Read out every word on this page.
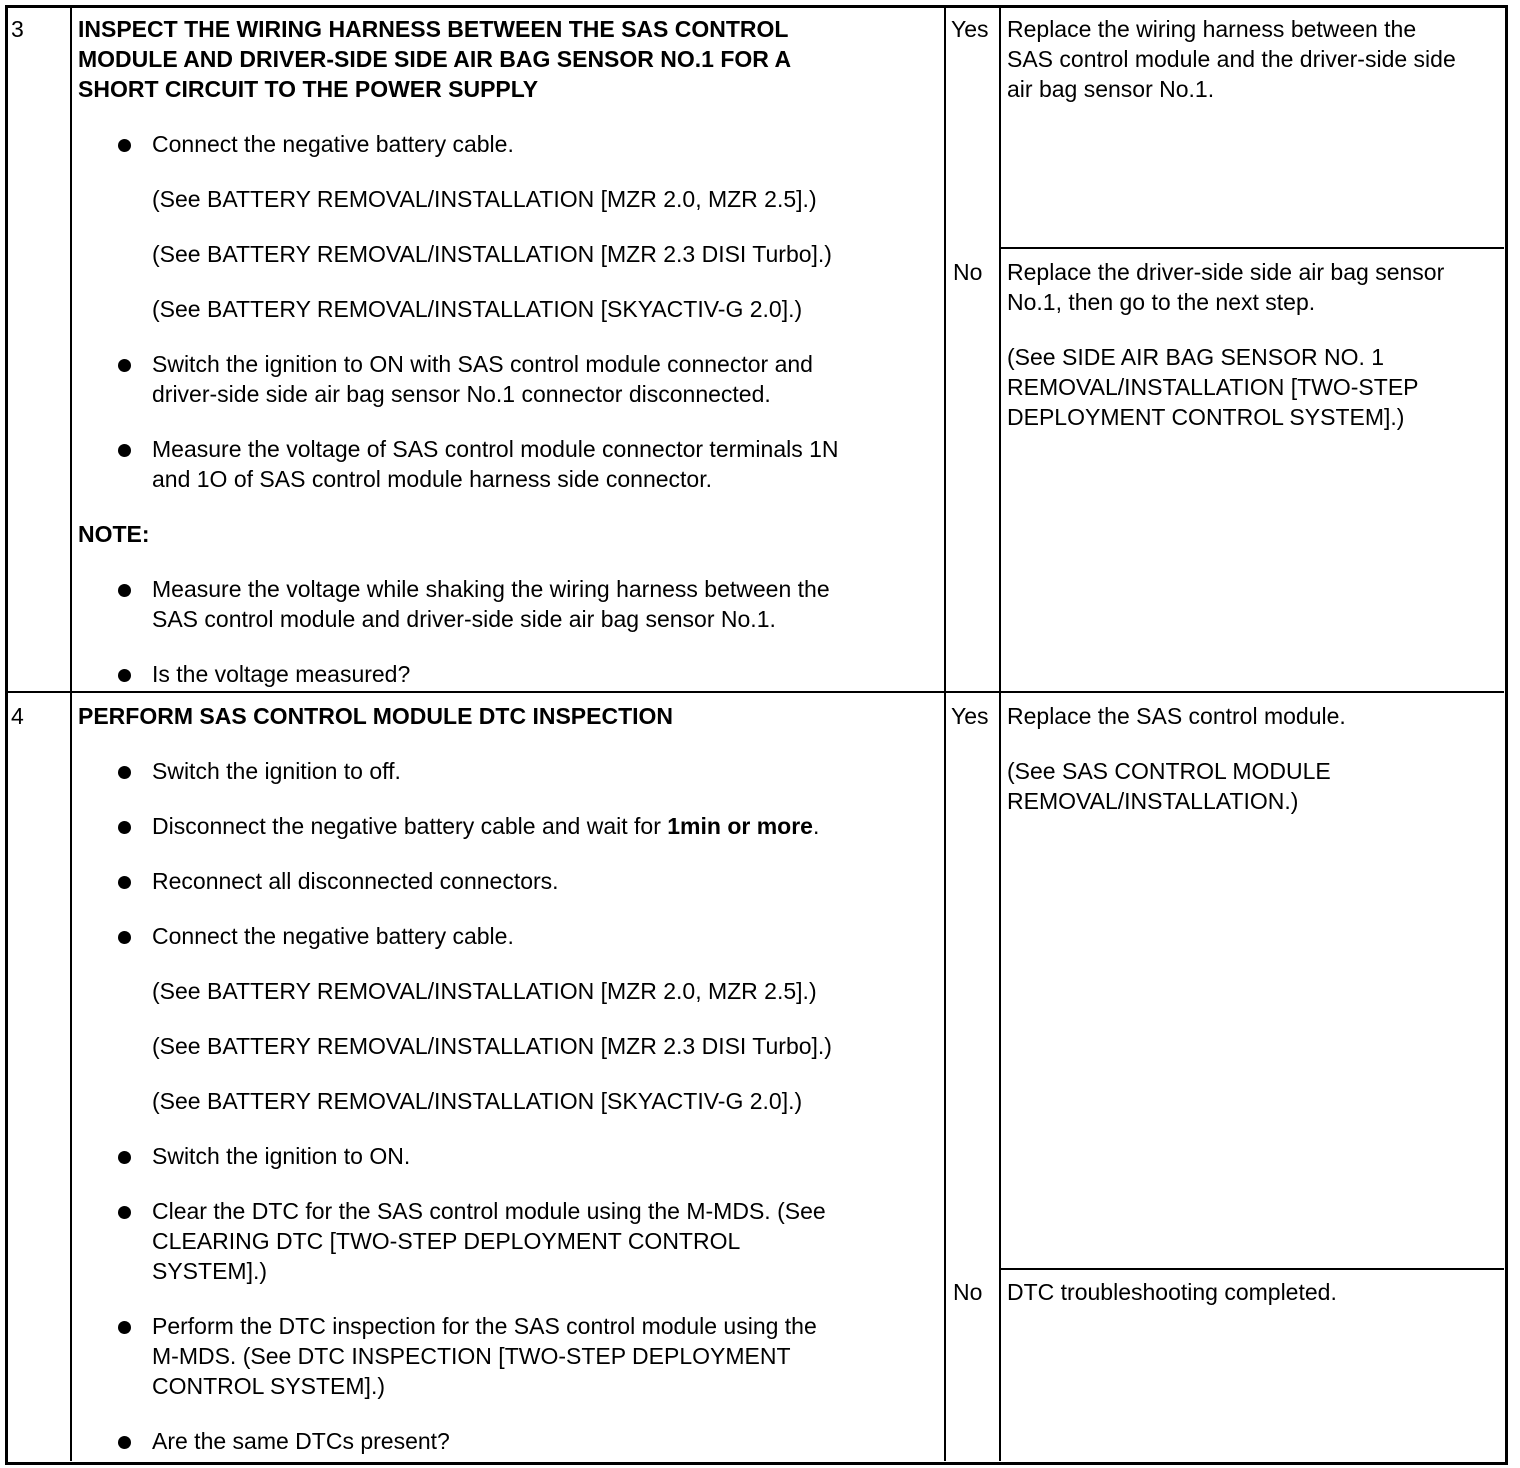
3 INSPECT THE WIRING HARNESS BETWEEN THE SAS CONTROL
MODULE AND DRIVER-SIDE SIDE AIR BAG SENSOR NO.1 FOR A
SHORT CIRCUIT TO THE POWER SUPPLY
Connect the negative battery cable.
(See BATTERY REMOVAL/INSTALLATION [MZR 2.0, MZR 2.5].)
(See BATTERY REMOVAL/INSTALLATION [MZR 2.3 DISI Turbo].)
(See BATTERY REMOVAL/INSTALLATION [SKYACTIV-G 2.0].)
Switch the ignition to ON with SAS control module connector and
driver-side side air bag sensor No.1 connector disconnected.
Measure the voltage of SAS control module connector terminals 1N
and 1O of SAS control module harness side connector.
NOTE:
Measure the voltage while shaking the wiring harness between the
SAS control module and driver-side side air bag sensor No.1.
Is the voltage measured?
Yes Replace the wiring harness between the
SAS control module and the driver-side side
air bag sensor No.1.
No Replace the driver-side side air bag sensor
No.1, then go to the next step.
(See SIDE AIR BAG SENSOR NO. 1
REMOVAL/INSTALLATION [TWO-STEP
DEPLOYMENT CONTROL SYSTEM].)
4 PERFORM SAS CONTROL MODULE DTC INSPECTION
Switch the ignition to off.
Disconnect the negative battery cable and wait for 1min or more.
Reconnect all disconnected connectors.
Connect the negative battery cable.
(See BATTERY REMOVAL/INSTALLATION [MZR 2.0, MZR 2.5].)
(See BATTERY REMOVAL/INSTALLATION [MZR 2.3 DISI Turbo].)
(See BATTERY REMOVAL/INSTALLATION [SKYACTIV-G 2.0].)
Switch the ignition to ON.
Clear the DTC for the SAS control module using the M-MDS. (See
CLEARING DTC [TWO-STEP DEPLOYMENT CONTROL
SYSTEM].)
Perform the DTC inspection for the SAS control module using the
M-MDS. (See DTC INSPECTION [TWO-STEP DEPLOYMENT
CONTROL SYSTEM].)
Are the same DTCs present?
Yes Replace the SAS control module.
(See SAS CONTROL MODULE
REMOVAL/INSTALLATION.)
No DTC troubleshooting completed.
